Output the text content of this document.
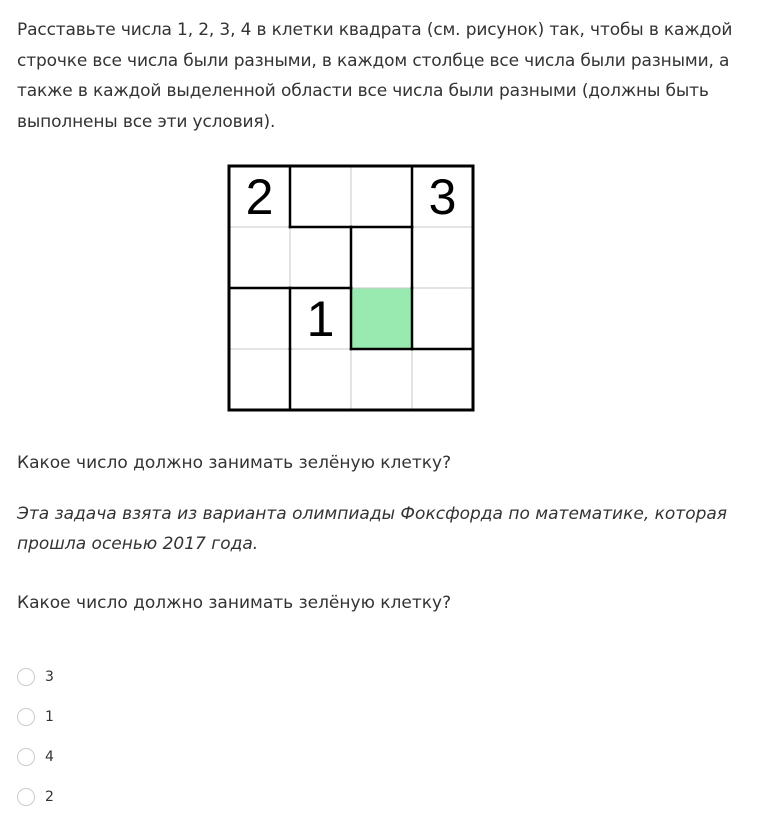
Расставьте числа 1, 2, 3, 4 в клетки квадрата (см. рисунок) так, чтобы в каждой строчке все числа были разными, в каждом столбце все числа были разными, а также в каждой выделенной области все числа были разными (должны быть выполнены все эти условия).

2	3
1

Какое число должно занимать зелёную клетку?

Эта задача взята из варианта олимпиады Фоксфорда по математике, которая прошла осенью 2017 года.

Какое число должно занимать зелёную клетку?

3
1
4
2
